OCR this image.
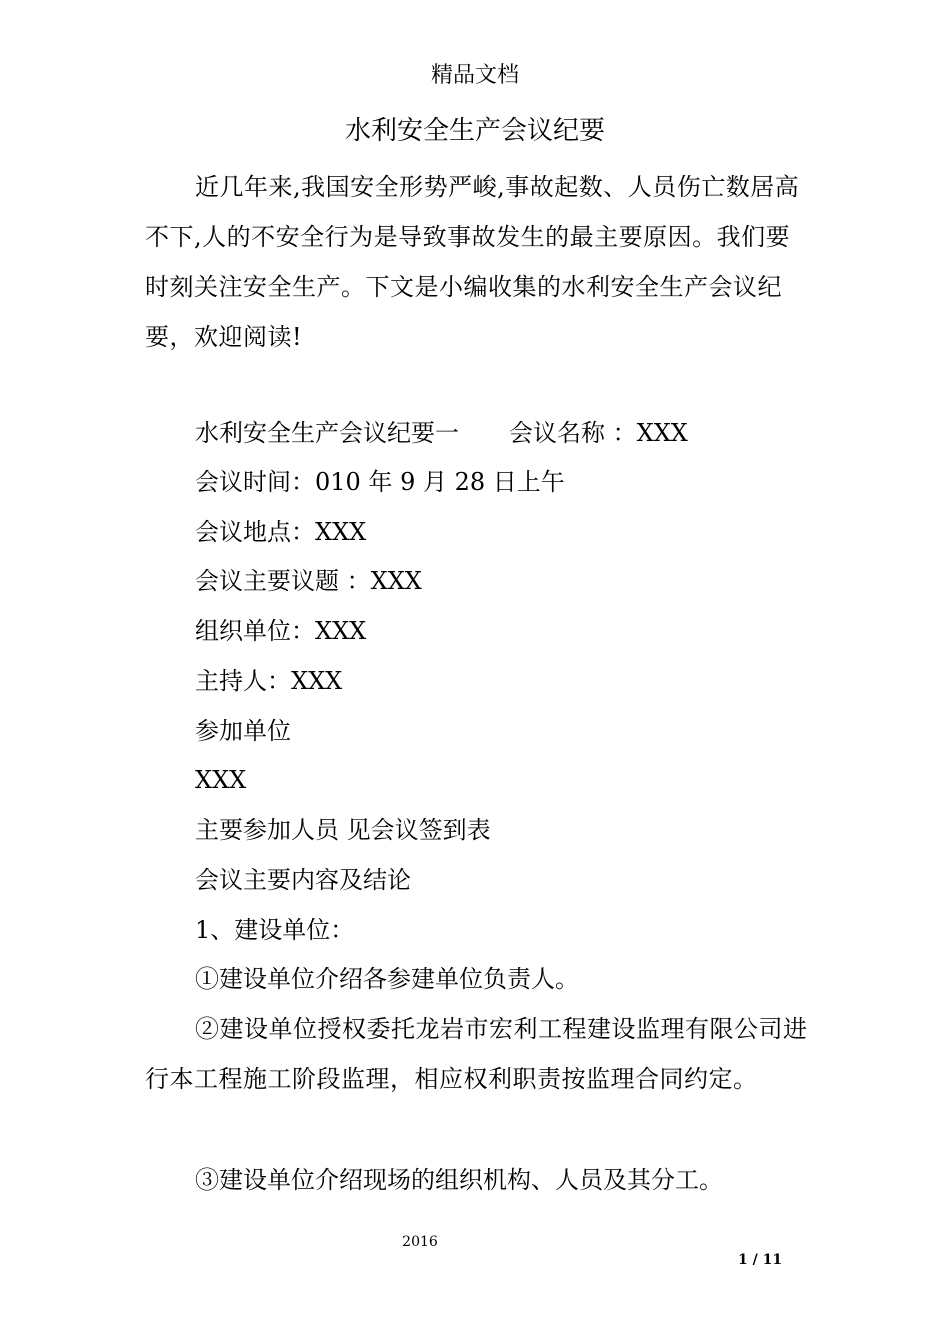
精品文档
水利安全生产会议纪要
近几年来,我国安全形势严峻,事故起数、人员伤亡数居高不下,人的不安全行为是导致事故发生的最主要原因。我们要时刻关注安全生产。下文是小编收集的水利安全生产会议纪要，欢迎阅读!
水利安全生产会议纪要一 会议名称 ：XXX
会议时间：010 年 9 月 28 日上午
会议地点：XXX
会议主要议题 ：XXX
组织单位：XXX
主持人：XXX
参加单位
XXX
主要参加人员 见会议签到表
会议主要内容及结论
1、建设单位：
①建设单位介绍各参建单位负责人。
②建设单位授权委托龙岩市宏利工程建设监理有限公司进行本工程施工阶段监理，相应权利职责按监理合同约定。
③建设单位介绍现场的组织机构、人员及其分工。
2016
1 / 11
